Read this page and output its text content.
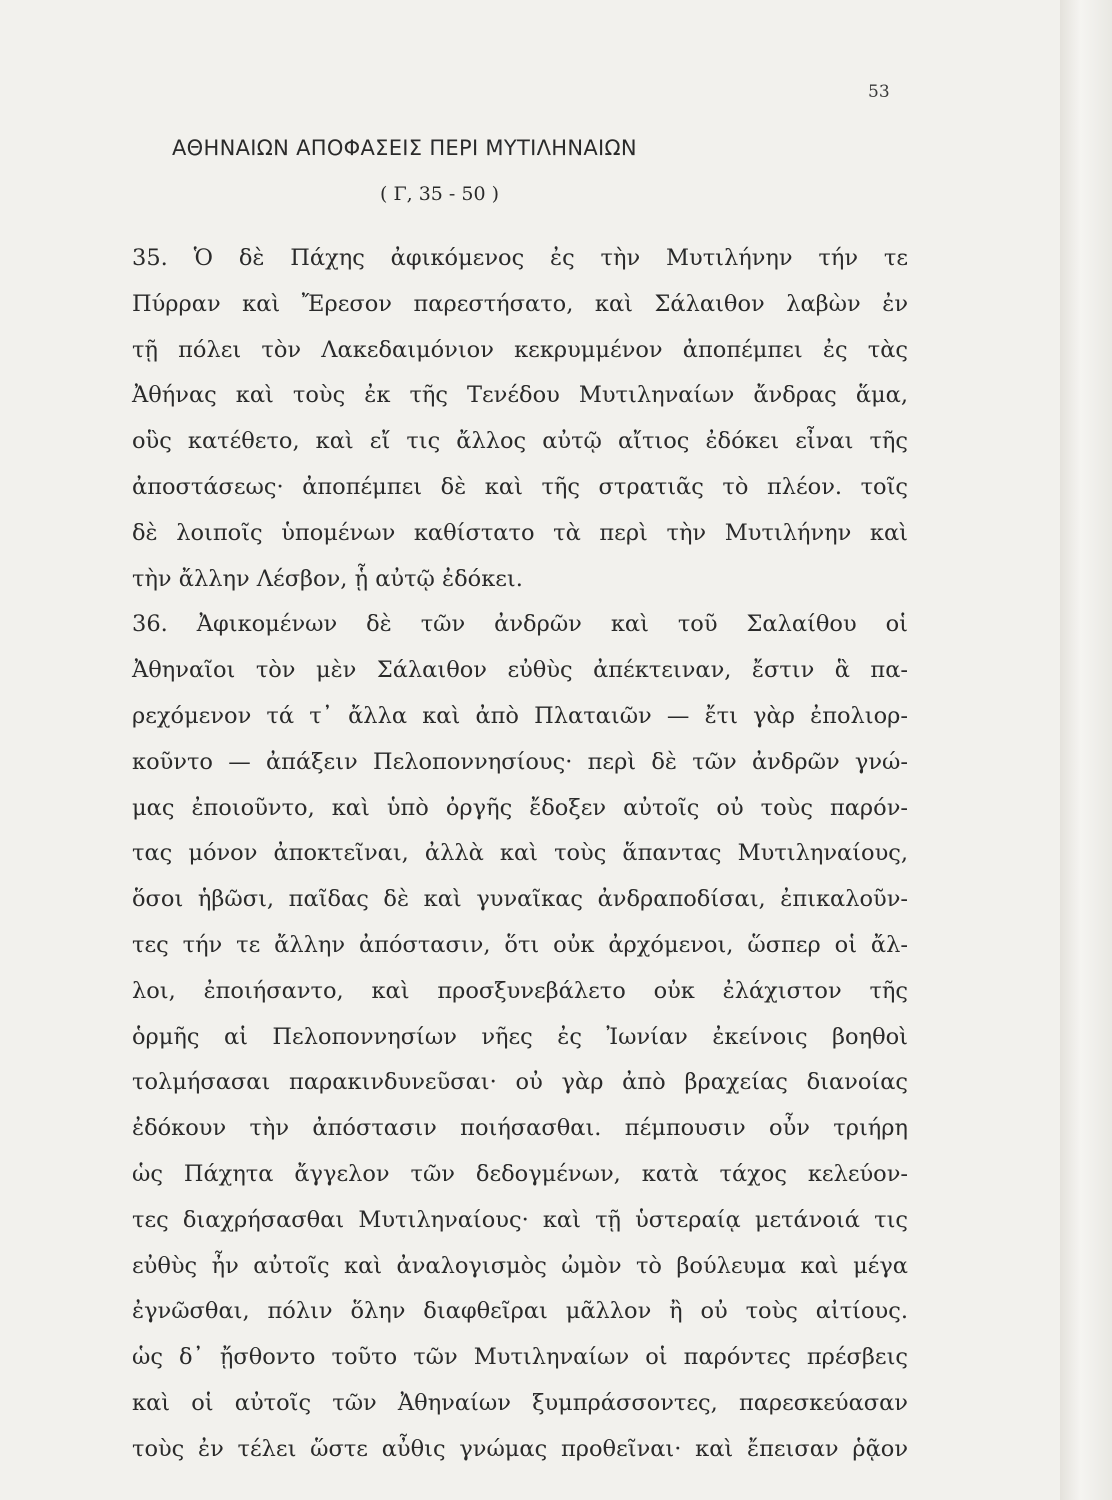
53
ΑΘΗΝΑΙΩΝ ΑΠΟΦΑΣΕΙΣ ΠΕΡΙ ΜΥΤΙΛΗΝΑΙΩΝ
( Γ, 35 - 50 )
35. Ὁ δὲ Πάχης ἀφικόμενος ἐς τὴν Μυτιλήνην τήν τε
Πύρραν καὶ Ἔρεσον παρεστήσατο, καὶ Σάλαιθον λαβὼν ἐν
τῇ πόλει τὸν Λακεδαιμόνιον κεκρυμμένον ἀποπέμπει ἐς τὰς
Ἀθήνας καὶ τοὺς ἐκ τῆς Τενέδου Μυτιληναίων ἄνδρας ἅμα,
οὓς κατέθετο, καὶ εἴ τις ἄλλος αὐτῷ αἴτιος ἐδόκει εἶναι τῆς
ἀποστάσεως· ἀποπέμπει δὲ καὶ τῆς στρατιᾶς τὸ πλέον. τοῖς
δὲ λοιποῖς ὑπομένων καθίστατο τὰ περὶ τὴν Μυτιλήνην καὶ
τὴν ἄλλην Λέσβον, ᾗ αὐτῷ ἐδόκει.
36. Ἀφικομένων δὲ τῶν ἀνδρῶν καὶ τοῦ Σαλαίθου οἱ
Ἀθηναῖοι τὸν μὲν Σάλαιθον εὐθὺς ἀπέκτειναν, ἔστιν ἃ πα-
ρεχόμενον τά τ᾽ ἄλλα καὶ ἀπὸ Πλαταιῶν — ἔτι γὰρ ἐπολιορ-
κοῦντο — ἀπάξειν Πελοποννησίους· περὶ δὲ τῶν ἀνδρῶν γνώ-
μας ἐποιοῦντο, καὶ ὑπὸ ὀργῆς ἔδοξεν αὐτοῖς οὐ τοὺς παρόν-
τας μόνον ἀποκτεῖναι, ἀλλὰ καὶ τοὺς ἅπαντας Μυτιληναίους,
ὅσοι ἡβῶσι, παῖδας δὲ καὶ γυναῖκας ἀνδραποδίσαι, ἐπικαλοῦν-
τες τήν τε ἄλλην ἀπόστασιν, ὅτι οὐκ ἀρχόμενοι, ὥσπερ οἱ ἄλ-
λοι, ἐποιήσαντο, καὶ προσξυνεβάλετο οὐκ ἐλάχιστον τῆς
ὁρμῆς αἱ Πελοποννησίων νῆες ἐς Ἰωνίαν ἐκείνοις βοηθοὶ
τολμήσασαι παρακινδυνεῦσαι· οὐ γὰρ ἀπὸ βραχείας διανοίας
ἐδόκουν τὴν ἀπόστασιν ποιήσασθαι. πέμπουσιν οὖν τριήρη
ὡς Πάχητα ἄγγελον τῶν δεδογμένων, κατὰ τάχος κελεύον-
τες διαχρήσασθαι Μυτιληναίους· καὶ τῇ ὑστεραίᾳ μετάνοιά τις
εὐθὺς ἦν αὐτοῖς καὶ ἀναλογισμὸς ὠμὸν τὸ βούλευμα καὶ μέγα
ἐγνῶσθαι, πόλιν ὅλην διαφθεῖραι μᾶλλον ἢ οὐ τοὺς αἰτίους.
ὡς δ᾽ ᾔσθοντο τοῦτο τῶν Μυτιληναίων οἱ παρόντες πρέσβεις
καὶ οἱ αὐτοῖς τῶν Ἀθηναίων ξυμπράσσοντες, παρεσκεύασαν
τοὺς ἐν τέλει ὥστε αὖθις γνώμας προθεῖναι· καὶ ἔπεισαν ῥᾷον
